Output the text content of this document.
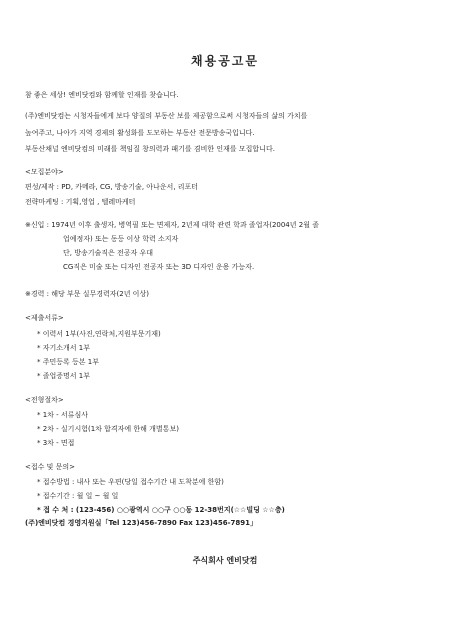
채용공고문
참 좋은 세상! 엔비닷컴와 함께할 인재를 찾습니다.
(주)엔비닷컴는 시청자들에게 보다 양질의 부동산 보를 제공함으로써 시청자들의 삶의 가치를
높여주고, 나아가 지역 경제의 활성화를 도모하는 부동산 전문방송국입니다.
부동산채널 엔비닷컴의 미래를 책임질 창의력과 패기를 겸비한 인재를 모집합니다.
<모집분야>
편성/제작 : PD, 카메라, CG, 방송기술, 아나운서, 리포터
전략마케팅 : 기획,영업 , 텔레마케터
※신입 : 1974년 이후 출생자, 병역필 또는 면제자, 2년제 대학 관련 학과 졸업자(2004년 2월 졸
업예정자) 또는 동등 이상 학력 소지자
단, 방송기술직은 전공자 우대
CG직은 미술 또는 디자인 전공자 또는 3D 디자인 운용 가능자.
※경력 : 해당 부문 실무경력자(2년 이상)
<제출서류>
* 이력서 1부(사진,연락처,지원부문기재)
* 자기소개서 1부
* 주민등록 등본 1부
* 졸업증명서 1부
<전형절차>
* 1차 - 서류심사
* 2차 - 실기시험(1차 합격자에 한해 개별통보)
* 3차 - 면접
<접수 및 문의>
* 접수방법 : 내사 또는 우편(당일 접수기간 내 도착분에 한함)
* 접수기간 : 월 일 ~ 월 일
* 접 수 처 : (123-456) ○○광역시 ○○구 ○○동 12-38번지(☆☆빌딩 ☆☆층)
(주)엔비닷컴 경영지원실「Tel 123)456-7890 Fax 123)456-7891」
주식회사 엔비닷컴
